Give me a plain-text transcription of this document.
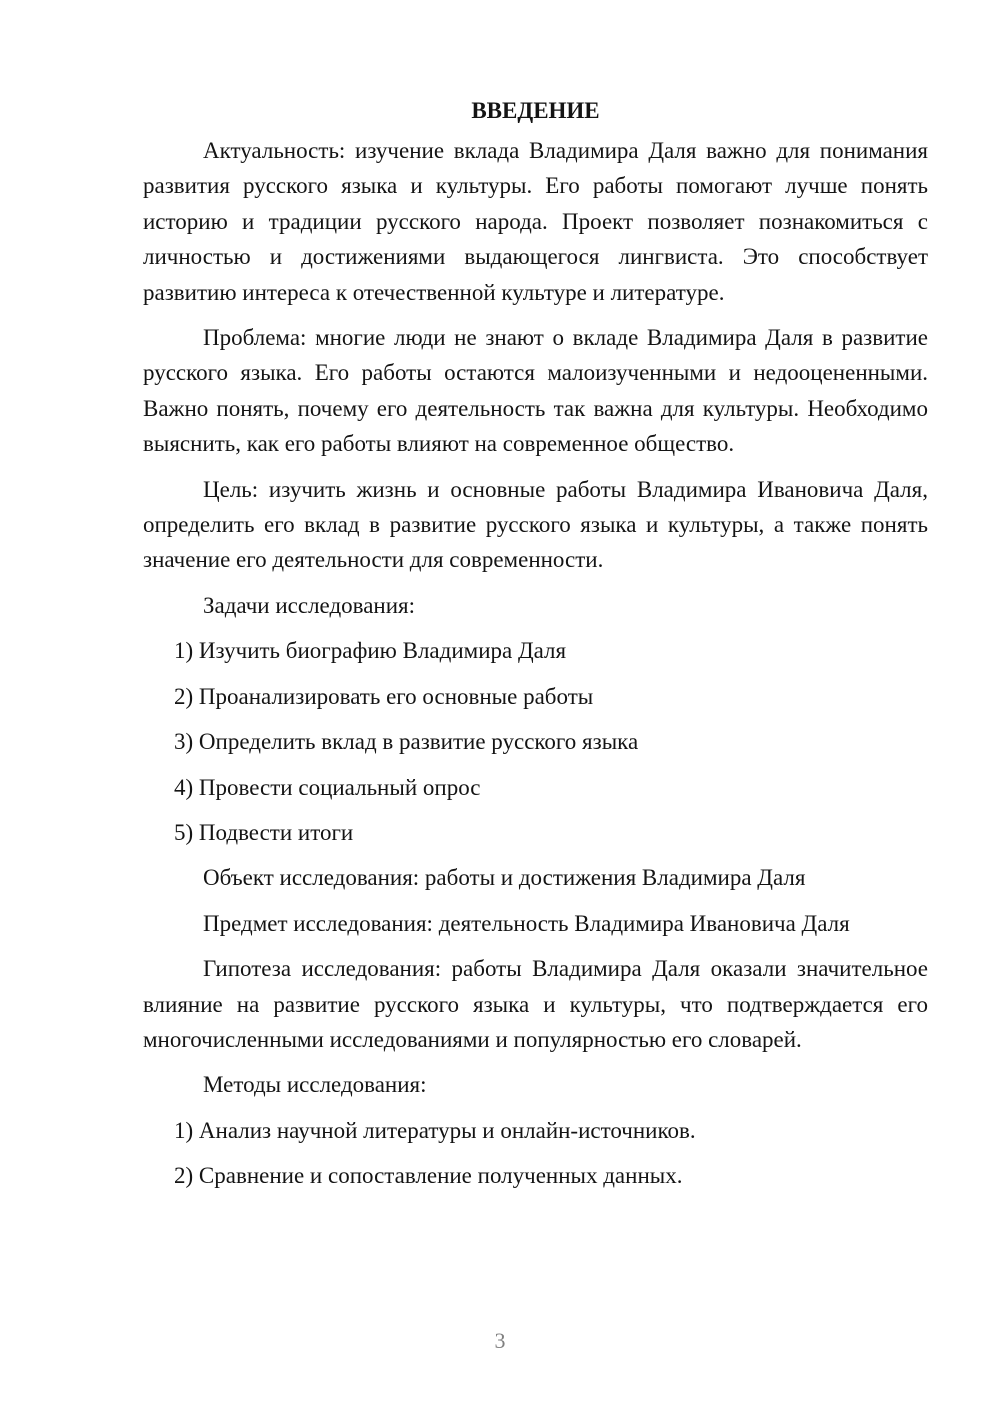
ВВЕДЕНИЕ

Актуальность: изучение вклада Владимира Даля важно для понимания развития русского языка и культуры. Его работы помогают лучше понять историю и традиции русского народа. Проект позволяет познакомиться с личностью и достижениями выдающегося лингвиста. Это способствует развитию интереса к отечественной культуре и литературе.

Проблема: многие люди не знают о вкладе Владимира Даля в развитие русского языка. Его работы остаются малоизученными и недооцененными. Важно понять, почему его деятельность так важна для культуры. Необходимо выяснить, как его работы влияют на современное общество.

Цель: изучить жизнь и основные работы Владимира Ивановича Даля, определить его вклад в развитие русского языка и культуры, а также понять значение его деятельности для современности.

Задачи исследования:
1) Изучить биографию Владимира Даля
2) Проанализировать его основные работы
3) Определить вклад в развитие русского языка
4) Провести социальный опрос
5) Подвести итоги
Объект исследования: работы и достижения Владимира Даля
Предмет исследования: деятельность Владимира Ивановича Даля

Гипотеза исследования: работы Владимира Даля оказали значительное влияние на развитие русского языка и культуры, что подтверждается его многочисленными исследованиями и популярностью его словарей.

Методы исследования:
1) Анализ научной литературы и онлайн-источников.
2) Сравнение и сопоставление полученных данных.
3
